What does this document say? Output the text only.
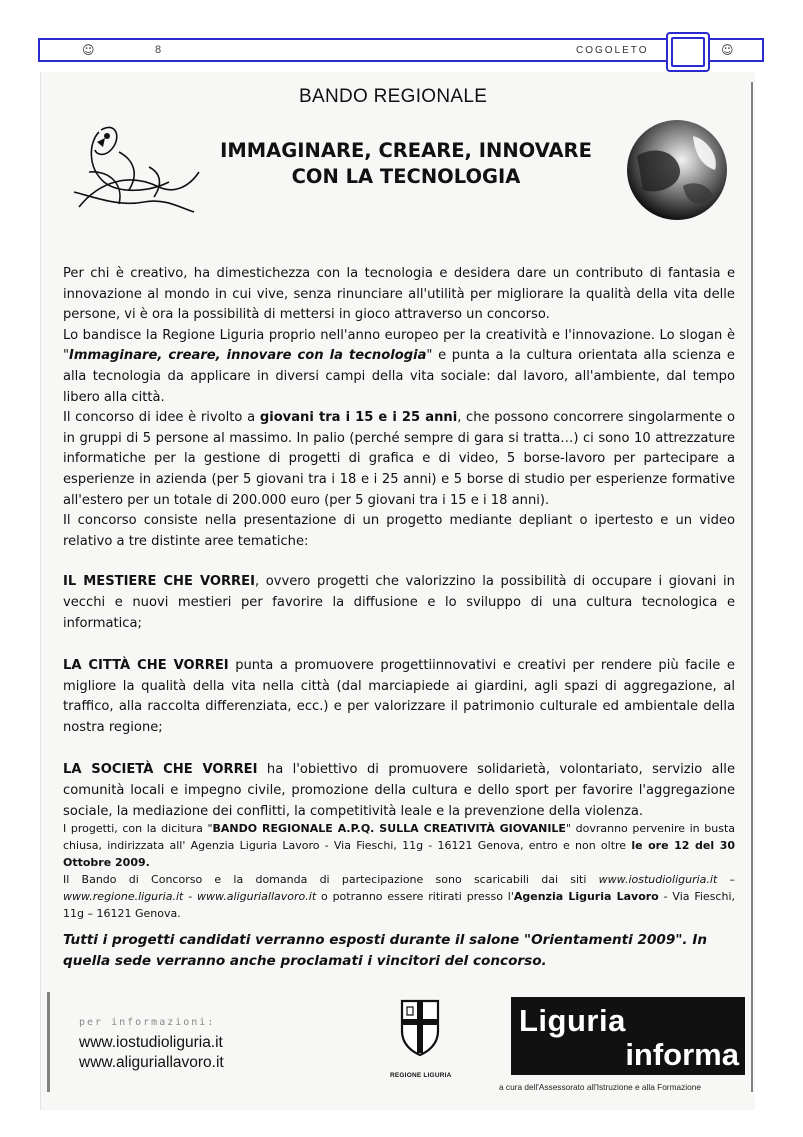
☺	8	COGOLETO	☺
BANDO REGIONALE
IMMAGINARE, CREARE, INNOVARE
CON LA TECNOLOGIA

Per chi è creativo, ha dimestichezza con la tecnologia e desidera dare un contributo di fantasia e innovazione al mondo in cui vive, senza rinunciare all'utilità per migliorare la qualità della vita delle persone, vi è ora la possibilità di mettersi in gioco attraverso un concorso.

Lo bandisce la Regione Liguria proprio nell'anno europeo per la creatività e l'innovazione. Lo slogan è "Immaginare, creare, innovare con la tecnologia" e punta a la cultura orientata alla scienza e alla tecnologia da applicare in diversi campi della vita sociale: dal lavoro, all'ambiente, dal tempo libero alla città.

Il concorso di idee è rivolto a giovani tra i 15 e i 25 anni, che possono concorrere singolarmente o in gruppi di 5 persone al massimo. In palio (perché sempre di gara si tratta…) ci sono 10 attrezzature informatiche per la gestione di progetti di grafica e di video, 5 borse-lavoro per partecipare a esperienze in azienda (per 5 giovani tra i 18 e i 25 anni) e 5 borse di studio per esperienze formative all'estero per un totale di 200.000 euro (per 5 giovani tra i 15 e i 18 anni).

Il concorso consiste nella presentazione di un progetto mediante depliant o ipertesto e un video relativo a tre distinte aree tematiche:

IL MESTIERE CHE VORREI, ovvero progetti che valorizzino la possibilità di occupare i giovani in vecchi e nuovi mestieri per favorire la diffusione e lo sviluppo di una cultura tecnologica e informatica;

LA CITTÀ CHE VORREI punta a promuovere progettiinnovativi e creativi per rendere più facile e migliore la qualità della vita nella città (dal marciapiede ai giardini, agli spazi di aggregazione, al traffico, alla raccolta differenziata, ecc.) e per valorizzare il patrimonio culturale ed ambientale della nostra regione;

LA SOCIETÀ CHE VORREI ha l'obiettivo di promuovere solidarietà, volontariato, servizio alle comunità locali e impegno civile, promozione della cultura e dello sport per favorire l'aggregazione sociale, la mediazione dei conflitti, la competitività leale e la prevenzione della violenza.

I progetti, con la dicitura "BANDO REGIONALE A.P.Q. SULLA CREATIVITÀ GIOVANILE" dovranno pervenire in busta chiusa, indirizzata all' Agenzia Liguria Lavoro - Via Fieschi, 11g - 16121 Genova, entro e non oltre le ore 12 del 30 Ottobre 2009.

Il Bando di Concorso e la domanda di partecipazione sono scaricabili dai siti www.iostudioliguria.it – www.regione.liguria.it - www.aliguriallavoro.it o potranno essere ritirati presso l'Agenzia Liguria Lavoro - Via Fieschi, 11g – 16121 Genova.

Tutti i progetti candidati verranno esposti durante il salone "Orientamenti 2009". In quella sede verranno anche proclamati i vincitori del concorso.
per informazioni:
www.iostudioliguria.it
www.aliguriallavoro.it
REGIONE LIGURIA
Liguria
informa
a cura dell'Assessorato all'Istruzione e alla Formazione
